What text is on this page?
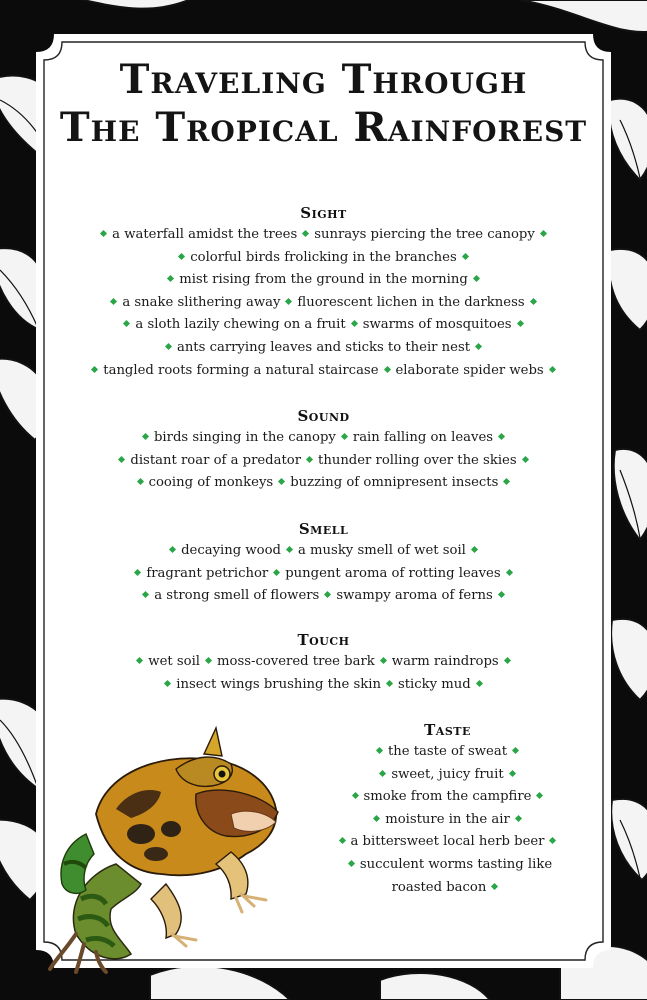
Traveling Through
The Tropical Rainforest
Sight
a waterfall amidst the trees sunrays piercing the tree canopy
colorful birds frolicking in the branches
mist rising from the ground in the morning
a snake slithering away fluorescent lichen in the darkness
a sloth lazily chewing on a fruit swarms of mosquitoes
ants carrying leaves and sticks to their nest
tangled roots forming a natural staircase elaborate spider webs
Sound
birds singing in the canopy rain falling on leaves
distant roar of a predator thunder rolling over the skies
cooing of monkeys buzzing of omnipresent insects
Smell
decaying wood a musky smell of wet soil
fragrant petrichor pungent aroma of rotting leaves
a strong smell of flowers swampy aroma of ferns
Touch
wet soil moss-covered tree bark warm raindrops
insect wings brushing the skin sticky mud
Taste
the taste of sweat
sweet, juicy fruit
smoke from the campfire
moisture in the air
a bittersweet local herb beer
succulent worms tasting like
roasted bacon
